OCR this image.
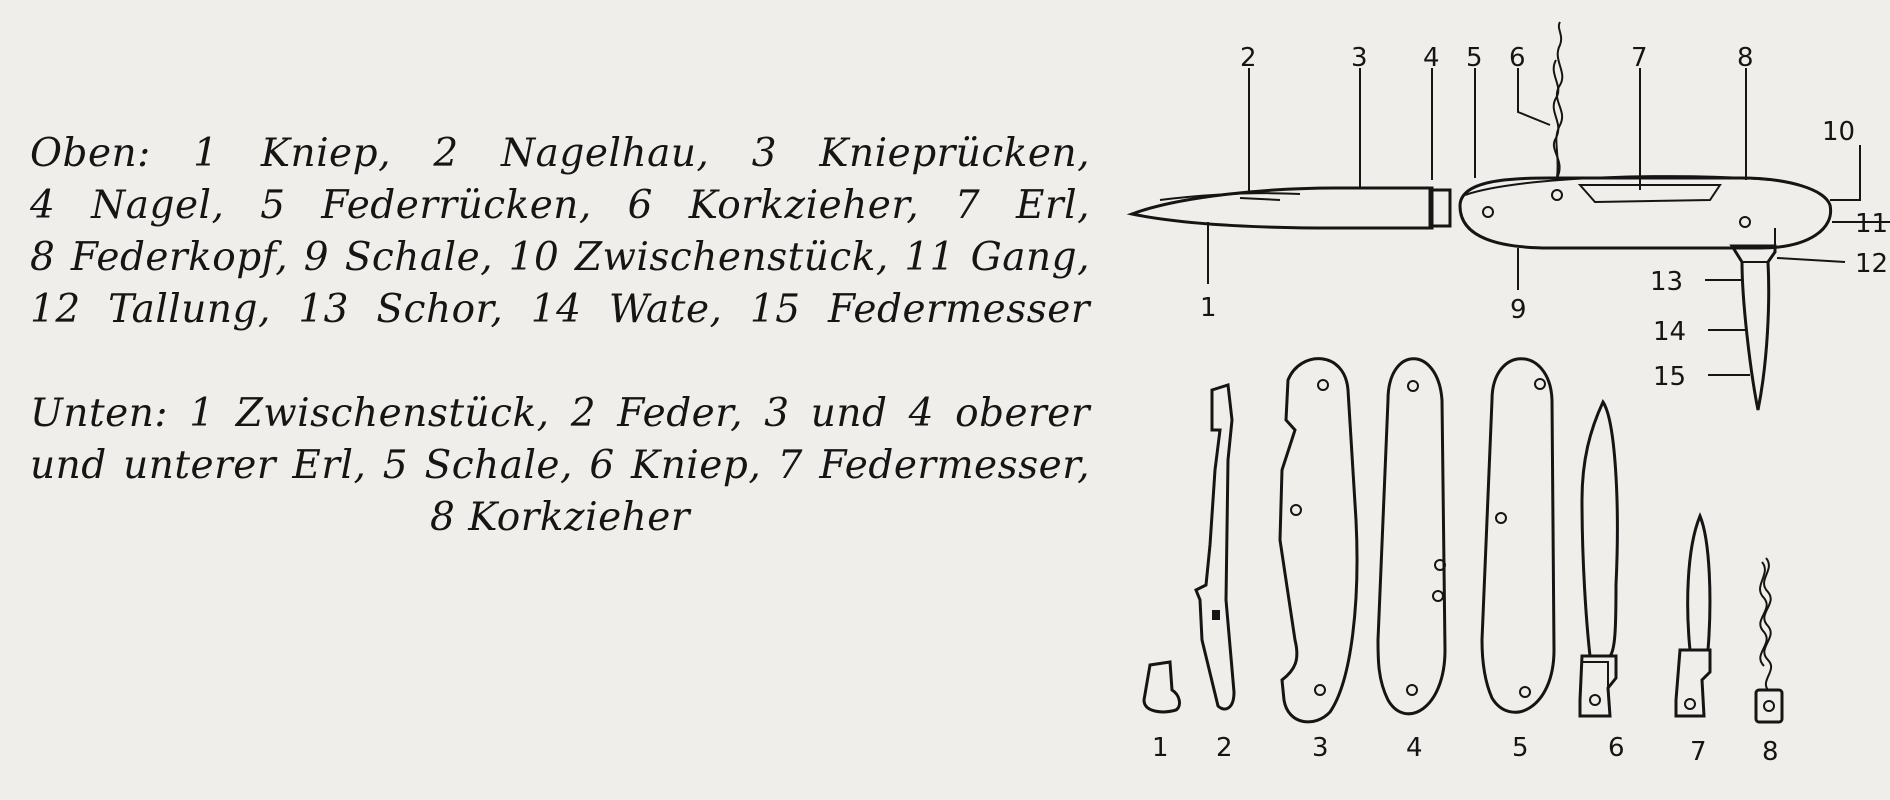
Oben: 1 Kniep, 2 Nagelhau, 3 Knieprücken,

4 Nagel, 5 Federrücken, 6 Korkzieher, 7 Erl,

8 Federkopf, 9 Schale, 10 Zwischenstück, 11 Gang,

12 Tallung, 13 Schor, 14 Wate, 15 Federmesser

Unten: 1 Zwischenstück, 2 Feder, 3 und 4 oberer

und unterer Erl, 5 Schale, 6 Kniep, 7 Federmesser,

8 Korkzieher

1
2	3 4 5 6	7	8
9
10
11
12
13
14
15
1 2	3	4	5	6	7 8
